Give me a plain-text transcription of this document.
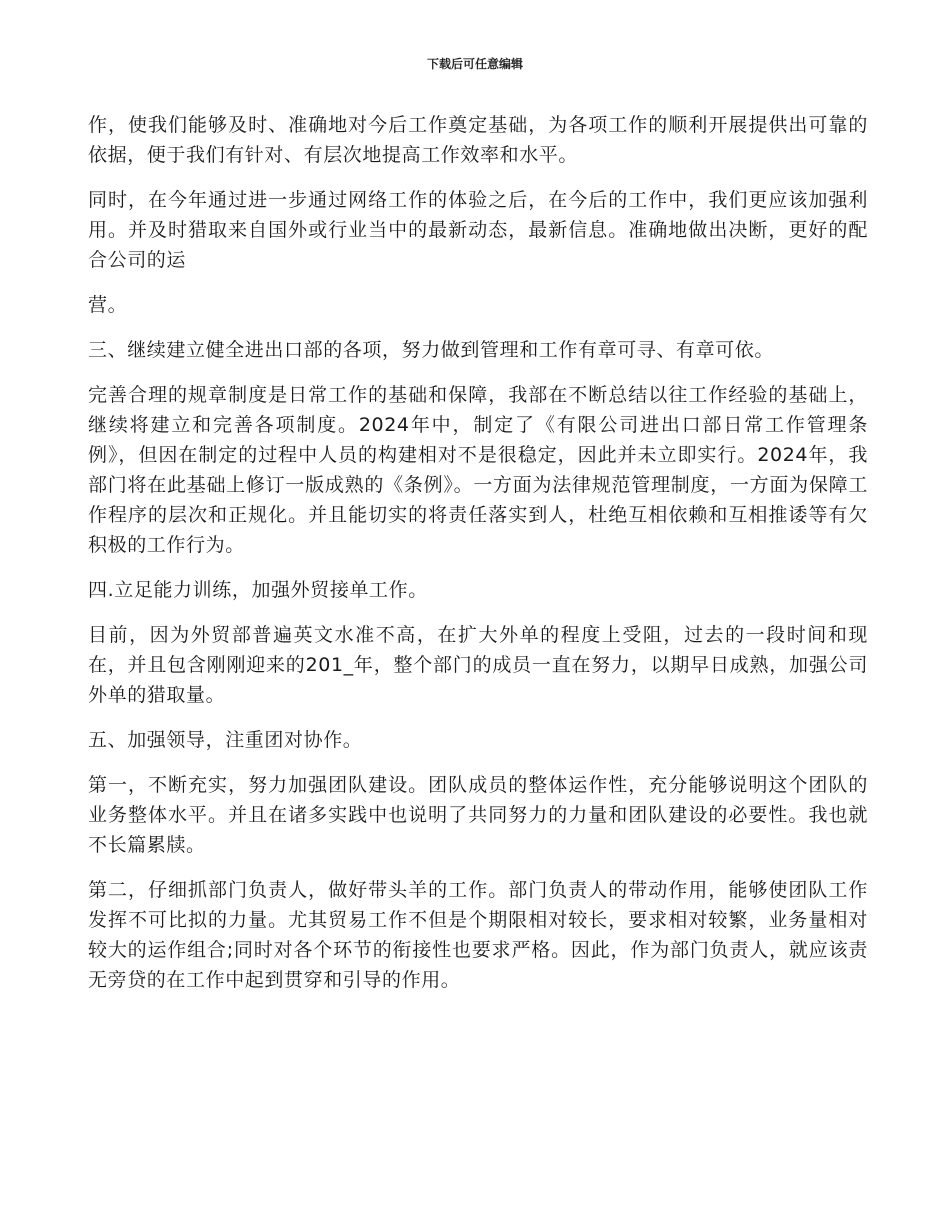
下载后可任意编辑

作，使我们能够及时、准确地对今后工作奠定基础，为各项工作的顺利开展提供出可靠的依据，便于我们有针对、有层次地提高工作效率和水平。

同时，在今年通过进一步通过网络工作的体验之后，在今后的工作中，我们更应该加强利用。并及时猎取来自国外或行业当中的最新动态，最新信息。准确地做出决断，更好的配合公司的运

营。

三、继续建立健全进出口部的各项，努力做到管理和工作有章可寻、有章可依。

完善合理的规章制度是日常工作的基础和保障，我部在不断总结以往工作经验的基础上，继续将建立和完善各项制度。2024年中，制定了《有限公司进出口部日常工作管理条例》，但因在制定的过程中人员的构建相对不是很稳定，因此并未立即实行。2024年，我部门将在此基础上修订一版成熟的《条例》。一方面为法律规范管理制度，一方面为保障工作程序的层次和正规化。并且能切实的将责任落实到人，杜绝互相依赖和互相推诿等有欠积极的工作行为。

四.立足能力训练，加强外贸接单工作。

目前，因为外贸部普遍英文水准不高，在扩大外单的程度上受阻，过去的一段时间和现在，并且包含刚刚迎来的201_年，整个部门的成员一直在努力，以期早日成熟，加强公司外单的猎取量。

五、加强领导，注重团对协作。

第一，不断充实，努力加强团队建设。团队成员的整体运作性，充分能够说明这个团队的业务整体水平。并且在诸多实践中也说明了共同努力的力量和团队建设的必要性。我也就不长篇累牍。

第二，仔细抓部门负责人，做好带头羊的工作。部门负责人的带动作用，能够使团队工作发挥不可比拟的力量。尤其贸易工作不但是个期限相对较长，要求相对较繁，业务量相对较大的运作组合;同时对各个环节的衔接性也要求严格。因此，作为部门负责人，就应该责无旁贷的在工作中起到贯穿和引导的作用。
